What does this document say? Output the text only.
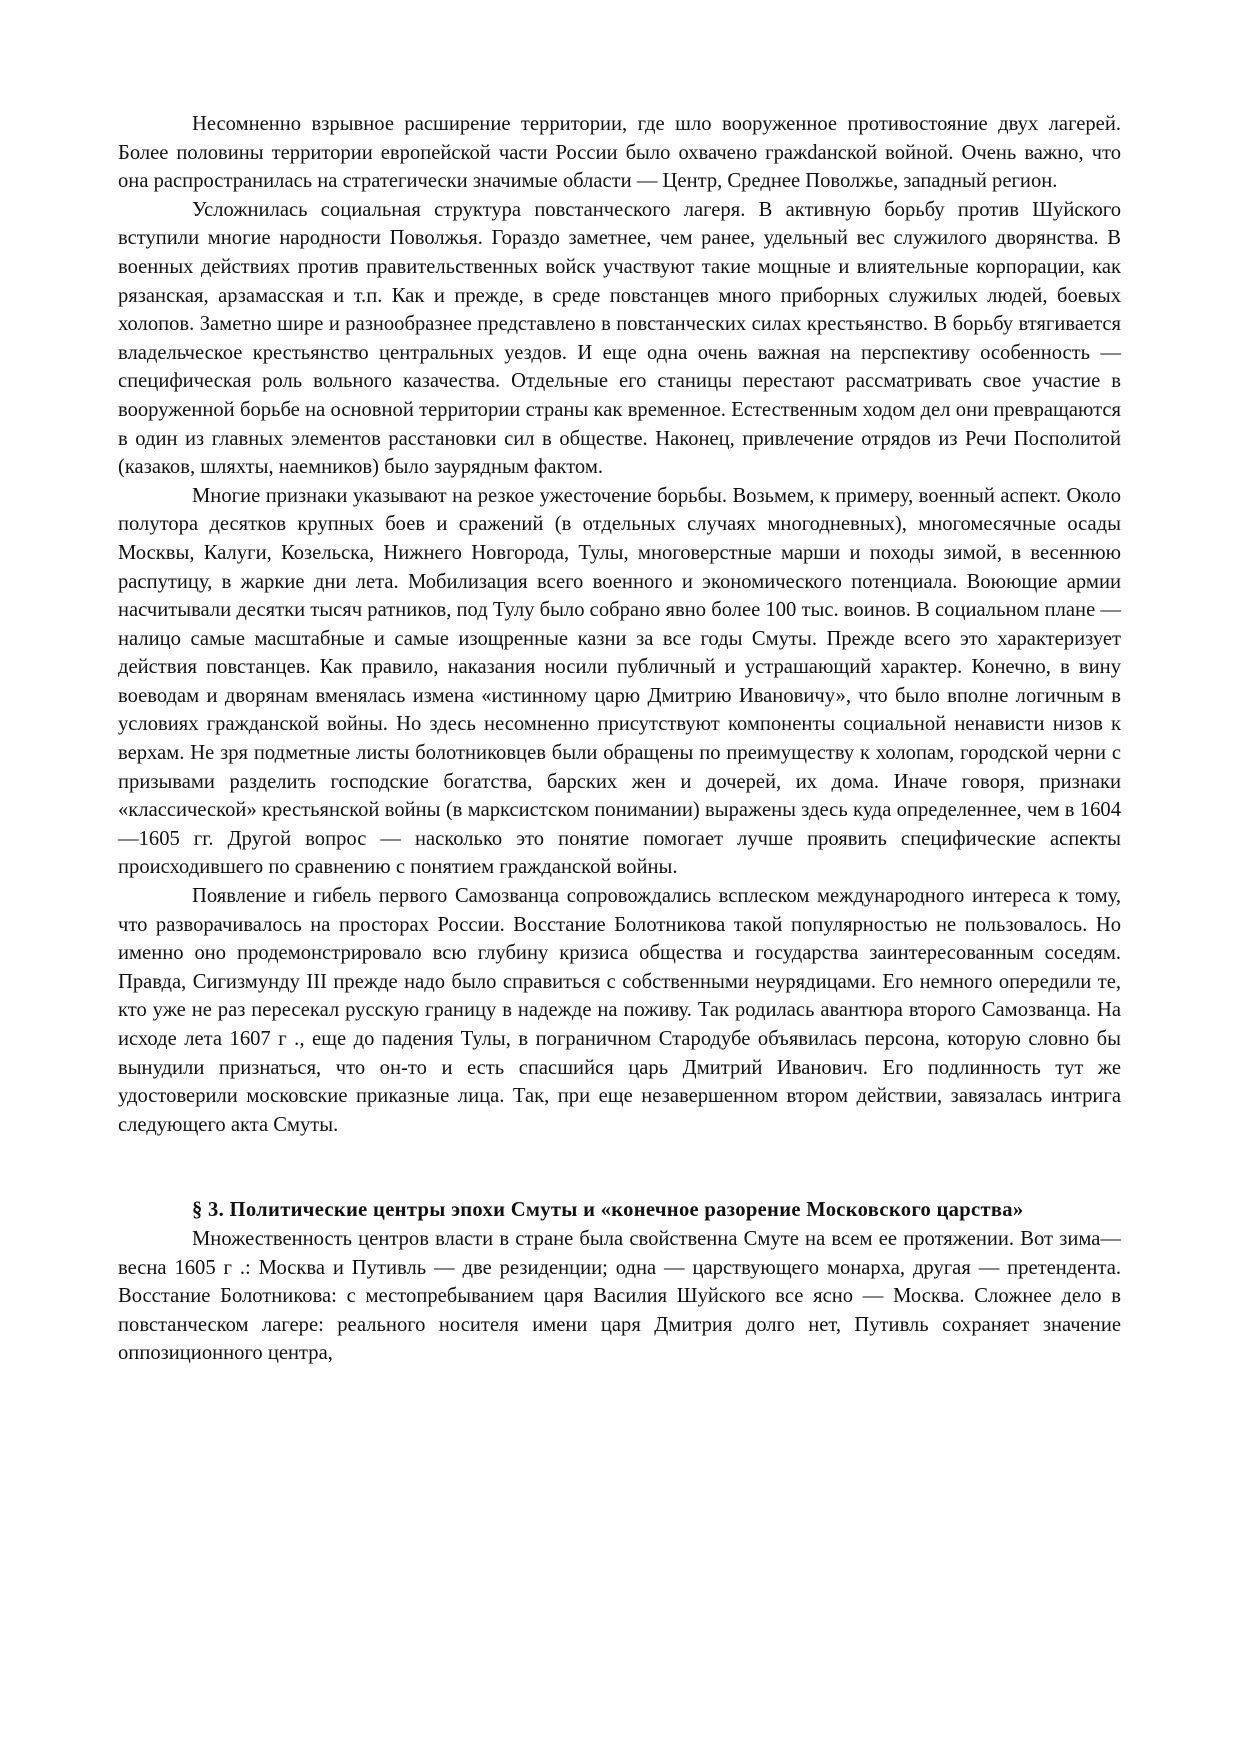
Несомненно взрывное расширение территории, где шло вооруженное противостояние двух лагерей. Более половины территории европейской части России было охвачено гражdанской войной. Очень важно, что она распространилась на стратегически значимые области — Центр, Среднее Поволжье, западный регион.

Усложнилась социальная структура повстанческого лагеря. В активную борьбу против Шуйского вступили многие народности Поволжья. Гораздо заметнее, чем ранее, удельный вес служилого дворянства. В военных действиях против правительственных войск участвуют такие мощные и влиятельные корпорации, как рязанская, арзамасская и т.п. Как и прежде, в среде повстанцев много приборных служилых людей, боевых холопов. Заметно шире и разнообразнее представлено в повстанческих силах крестьянство. В борьбу втягивается владельческое крестьянство центральных уездов. И еще одна очень важная на перспективу особенность — специфическая роль вольного казачества. Отдельные его станицы перестают рассматривать свое участие в вооруженной борьбе на основной территории страны как временное. Естественным ходом дел они превращаются в один из главных элементов расстановки сил в обществе. Наконец, привлечение отрядов из Речи Посполитой (казаков, шляхты, наемников) было заурядным фактом.

Многие признаки указывают на резкое ужесточение борьбы. Возьмем, к примеру, военный аспект. Около полутора десятков крупных боев и сражений (в отдельных случаях многодневных), многомесячные осады Москвы, Калуги, Козельска, Нижнего Новгорода, Тулы, многоверстные марши и походы зимой, в весеннюю распутицу, в жаркие дни лета. Мобилизация всего военного и экономического потенциала. Воюющие армии насчитывали десятки тысяч ратников, под Тулу было собрано явно более 100 тыс. воинов. В социальном плане — налицо самые масштабные и самые изощренные казни за все годы Смуты. Прежде всего это характеризует действия повстанцев. Как правило, наказания носили публичный и устрашающий характер. Конечно, в вину воеводам и дворянам вменялась измена «истинному царю Дмитрию Ивановичу», что было вполне логичным в условиях гражданской войны. Но здесь несомненно присутствуют компоненты социальной ненависти низов к верхам. Не зря подметные листы болотниковцев были обращены по преимуществу к холопам, городской черни с призывами разделить господские богатства, барских жен и дочерей, их дома. Иначе говоря, признаки «классической» крестьянской войны (в марксистском понимании) выражены здесь куда определеннее, чем в 1604—1605 гг. Другой вопрос — насколько это понятие помогает лучше проявить специфические аспекты происходившего по сравнению с понятием гражданской войны.

Появление и гибель первого Самозванца сопровождались всплеском международного интереса к тому, что разворачивалось на просторах России. Восстание Болотникова такой популярностью не пользовалось. Но именно оно продемонстрировало всю глубину кризиса общества и государства заинтересованным соседям. Правда, Сигизмунду III прежде надо было справиться с собственными неурядицами. Его немного опередили те, кто уже не раз пересекал русскую границу в надежде на поживу. Так родилась авантюра второго Самозванца. На исходе лета 1607 г ., еще до падения Тулы, в пограничном Стародубе объявилась персона, которую словно бы вынудили признаться, что он-то и есть спасшийся царь Дмитрий Иванович. Его подлинность тут же удостоверили московские приказные лица. Так, при еще незавершенном втором действии, завязалась интрига следующего акта Смуты.

§ 3. Политические центры эпохи Смуты и «конечное разорение Московского царства»

Множественность центров власти в стране была свойственна Смуте на всем ее протяжении. Вот зима—весна 1605 г .: Москва и Путивль — две резиденции; одна — царствующего монарха, другая — претендента. Восстание Болотникова: с местопребыванием царя Василия Шуйского все ясно — Москва. Сложнее дело в повстанческом лагере: реального носителя имени царя Дмитрия долго нет, Путивль сохраняет значение оппозиционного центра,
